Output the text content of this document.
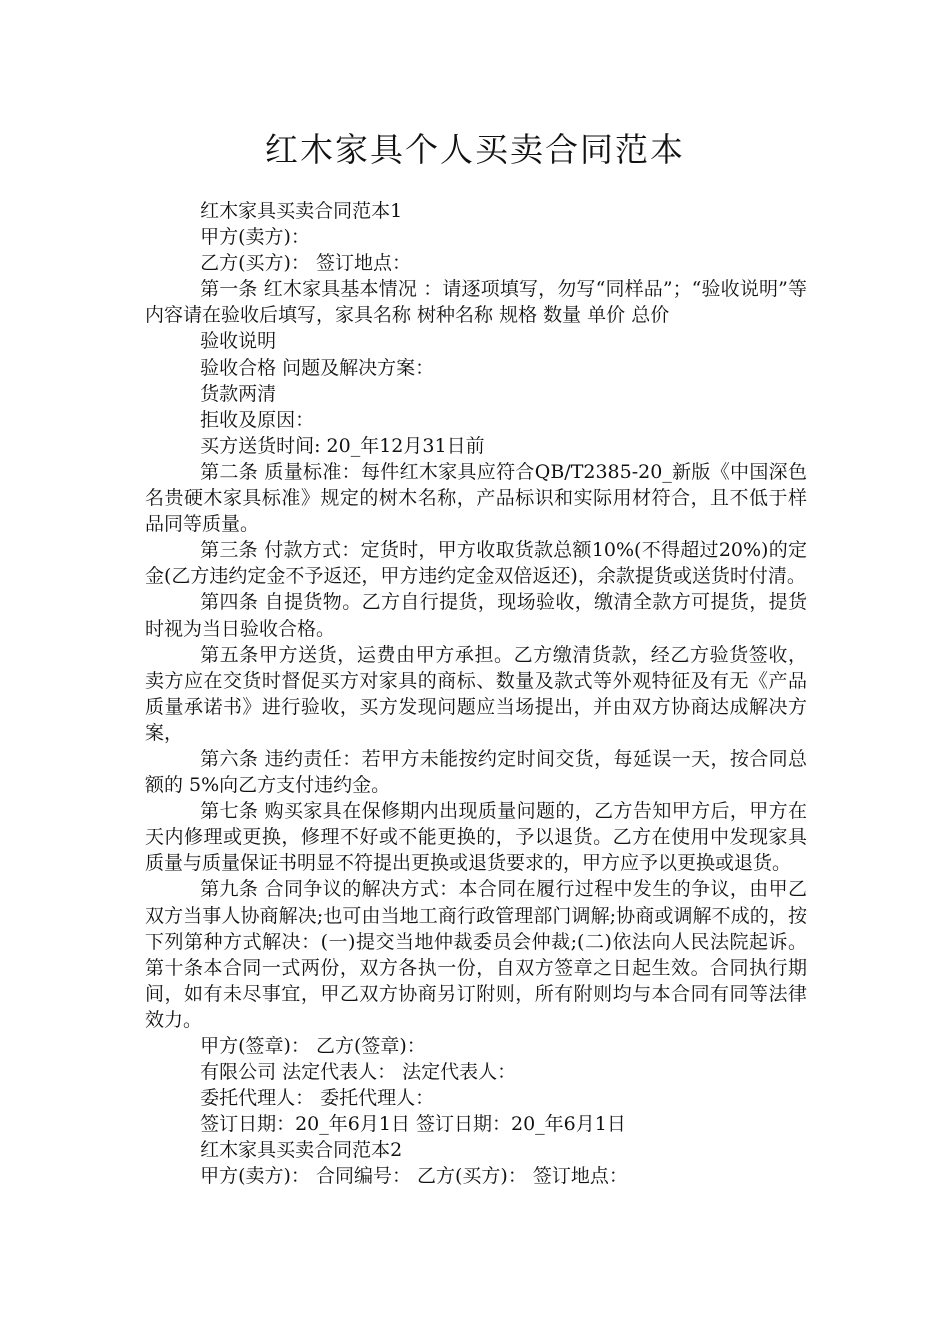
红木家具个人买卖合同范本

红木家具买卖合同范本1

甲方(卖方)：

乙方(买方)： 签订地点：

第一条 红木家具基本情况 ：请逐项填写，勿写“同样品”；“验收说明”等内容请在验收后填写，家具名称 树种名称 规格 数量 单价 总价

验收说明

验收合格 问题及解决方案：

货款两清

拒收及原因：

买方送货时间: 20_年12月31日前

第二条 质量标准：每件红木家具应符合QB/T2385-20_新版《中国深色名贵硬木家具标准》规定的树木名称，产品标识和实际用材符合，且不低于样品同等质量。

第三条 付款方式：定货时，甲方收取货款总额10%(不得超过20%)的定金(乙方违约定金不予返还，甲方违约定金双倍返还)，余款提货或送货时付清。

第四条 自提货物。乙方自行提货，现场验收，缴清全款方可提货，提货时视为当日验收合格。

第五条甲方送货，运费由甲方承担。乙方缴清货款，经乙方验货签收，卖方应在交货时督促买方对家具的商标、数量及款式等外观特征及有无《产品质量承诺书》进行验收，买方发现问题应当场提出，并由双方协商达成解决方案，

第六条 违约责任：若甲方未能按约定时间交货，每延误一天，按合同总额的 5%向乙方支付违约金。

第七条 购买家具在保修期内出现质量问题的，乙方告知甲方后，甲方在天内修理或更换，修理不好或不能更换的，予以退货。乙方在使用中发现家具质量与质量保证书明显不符提出更换或退货要求的，甲方应予以更换或退货。

第九条 合同争议的解决方式：本合同在履行过程中发生的争议，由甲乙双方当事人协商解决;也可由当地工商行政管理部门调解;协商或调解不成的，按下列第种方式解决：(一)提交当地仲裁委员会仲裁;(二)依法向人民法院起诉。 第十条本合同一式两份，双方各执一份，自双方签章之日起生效。合同执行期间，如有未尽事宜，甲乙双方协商另订附则，所有附则均与本合同有同等法律效力。

甲方(签章)： 乙方(签章)：

有限公司 法定代表人： 法定代表人：

委托代理人： 委托代理人：

签订日期：20_年6月1日 签订日期：20_年6月1日

红木家具买卖合同范本2

甲方(卖方)： 合同编号： 乙方(买方)： 签订地点：
